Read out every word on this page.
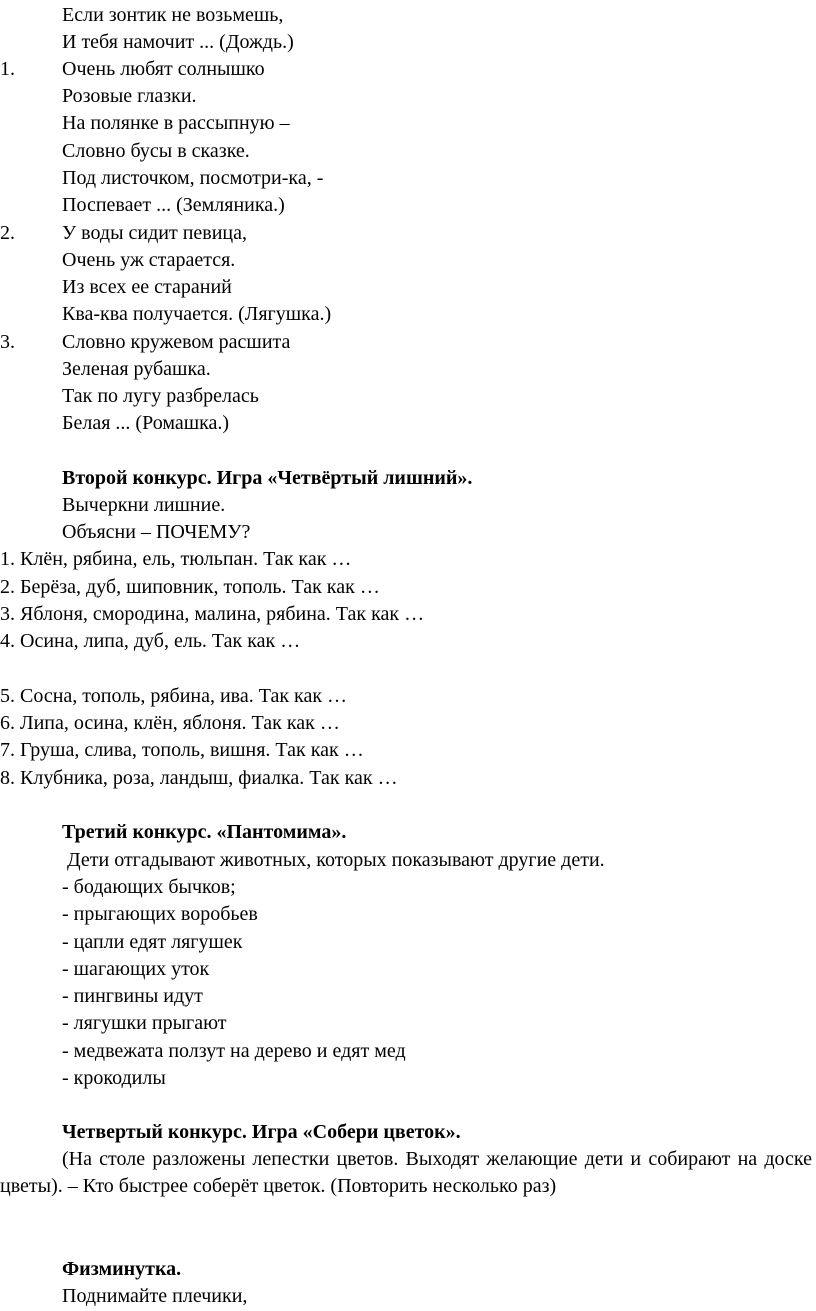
Если зонтик не возьмешь,
И тебя намочит ... (Дождь.)
1. Очень любят солнышко
Розовые глазки.
На полянке в рассыпную –
Словно бусы в сказке.
Под листочком, посмотри-ка, -
Поспевает ... (Земляника.)
2. У воды сидит певица,
Очень уж старается.
Из всех ее стараний
Ква-ква получается. (Лягушка.)
3. Словно кружевом расшита
Зеленая рубашка.
Так по лугу разбрелась
Белая ... (Ромашка.)
Второй конкурс. Игра «Четвёртый лишний».
Вычеркни лишние.
Объясни – ПОЧЕМУ?
1. Клён, рябина, ель, тюльпан. Так как …
2. Берёза, дуб, шиповник, тополь. Так как …
3. Яблоня, смородина, малина, рябина. Так как …
4. Осина, липа, дуб, ель. Так как …
5. Сосна, тополь, рябина, ива. Так как …
6. Липа, осина, клён, яблоня. Так как …
7. Груша, слива, тополь, вишня. Так как …
8. Клубника, роза, ландыш, фиалка. Так как …
Третий конкурс. «Пантомима».
Дети отгадывают животных, которых показывают другие дети.
- бодающих бычков;
- прыгающих воробьев
- цапли едят лягушек
- шагающих уток
- пингвины идут
- лягушки прыгают
- медвежата ползут на дерево и едят мед
- крокодилы
Четвертый конкурс. Игра «Собери цветок».
(На столе разложены лепестки цветов. Выходят желающие дети и собирают на доске цветы). – Кто быстрее соберёт цветок. (Повторить несколько раз)
Физминутка.
Поднимайте плечики,
